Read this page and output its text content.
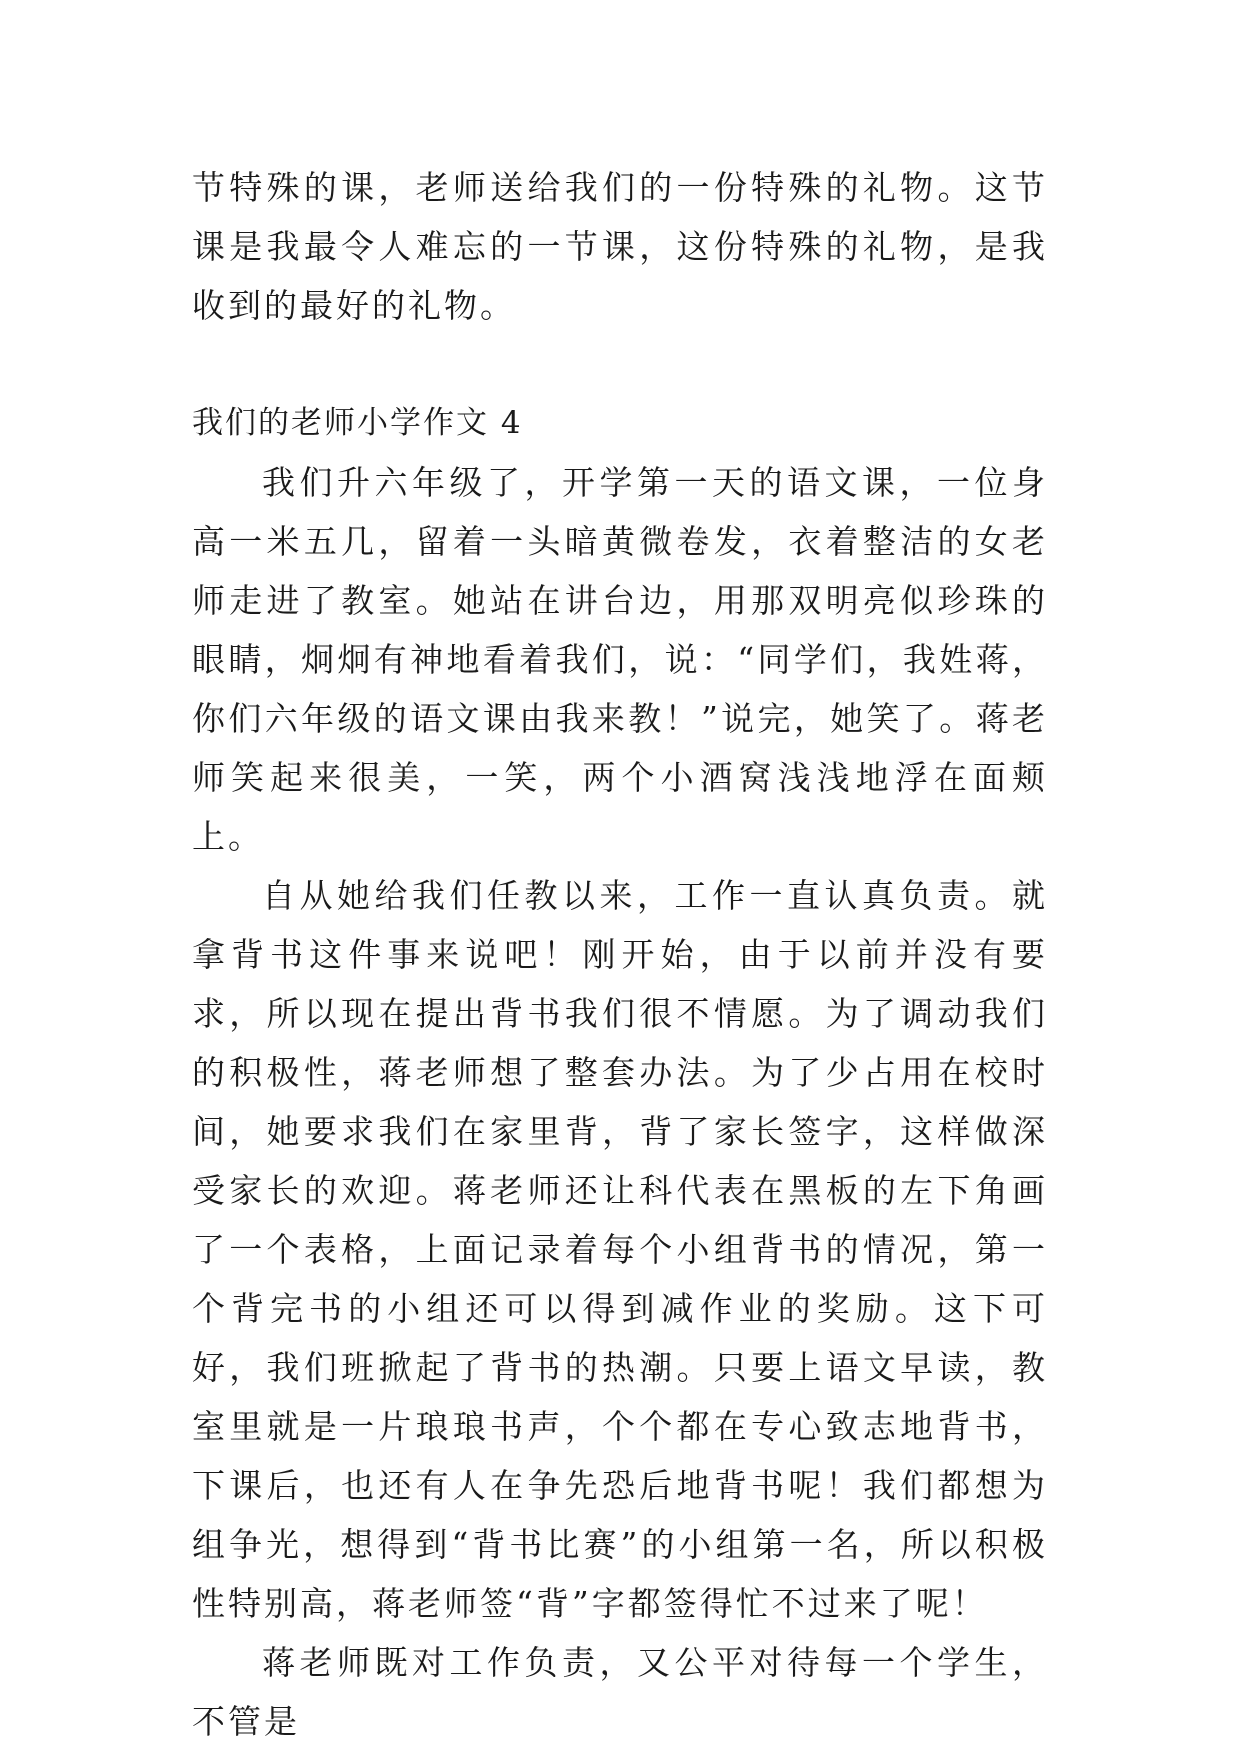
节特殊的课，老师送给我们的一份特殊的礼物。这节课是我最令人难忘的一节课，这份特殊的礼物，是我收到的最好的礼物。

我们的老师小学作文 4

我们升六年级了，开学第一天的语文课，一位身高一米五几，留着一头暗黄微卷发，衣着整洁的女老师走进了教室。她站在讲台边，用那双明亮似珍珠的眼睛，炯炯有神地看着我们，说：“同学们，我姓蒋，你们六年级的语文课由我来教！”说完，她笑了。蒋老师笑起来很美，一笑，两个小酒窝浅浅地浮在面颊上。

自从她给我们任教以来，工作一直认真负责。就拿背书这件事来说吧！刚开始，由于以前并没有要求，所以现在提出背书我们很不情愿。为了调动我们的积极性，蒋老师想了整套办法。为了少占用在校时间，她要求我们在家里背，背了家长签字，这样做深受家长的欢迎。蒋老师还让科代表在黑板的左下角画了一个表格，上面记录着每个小组背书的情况，第一个背完书的小组还可以得到减作业的奖励。这下可好，我们班掀起了背书的热潮。只要上语文早读，教室里就是一片琅琅书声，个个都在专心致志地背书，下课后，也还有人在争先恐后地背书呢！我们都想为组争光，想得到“背书比赛”的小组第一名，所以积极性特别高，蒋老师签“背”字都签得忙不过来了呢！

蒋老师既对工作负责，又公平对待每一个学生，不管是
